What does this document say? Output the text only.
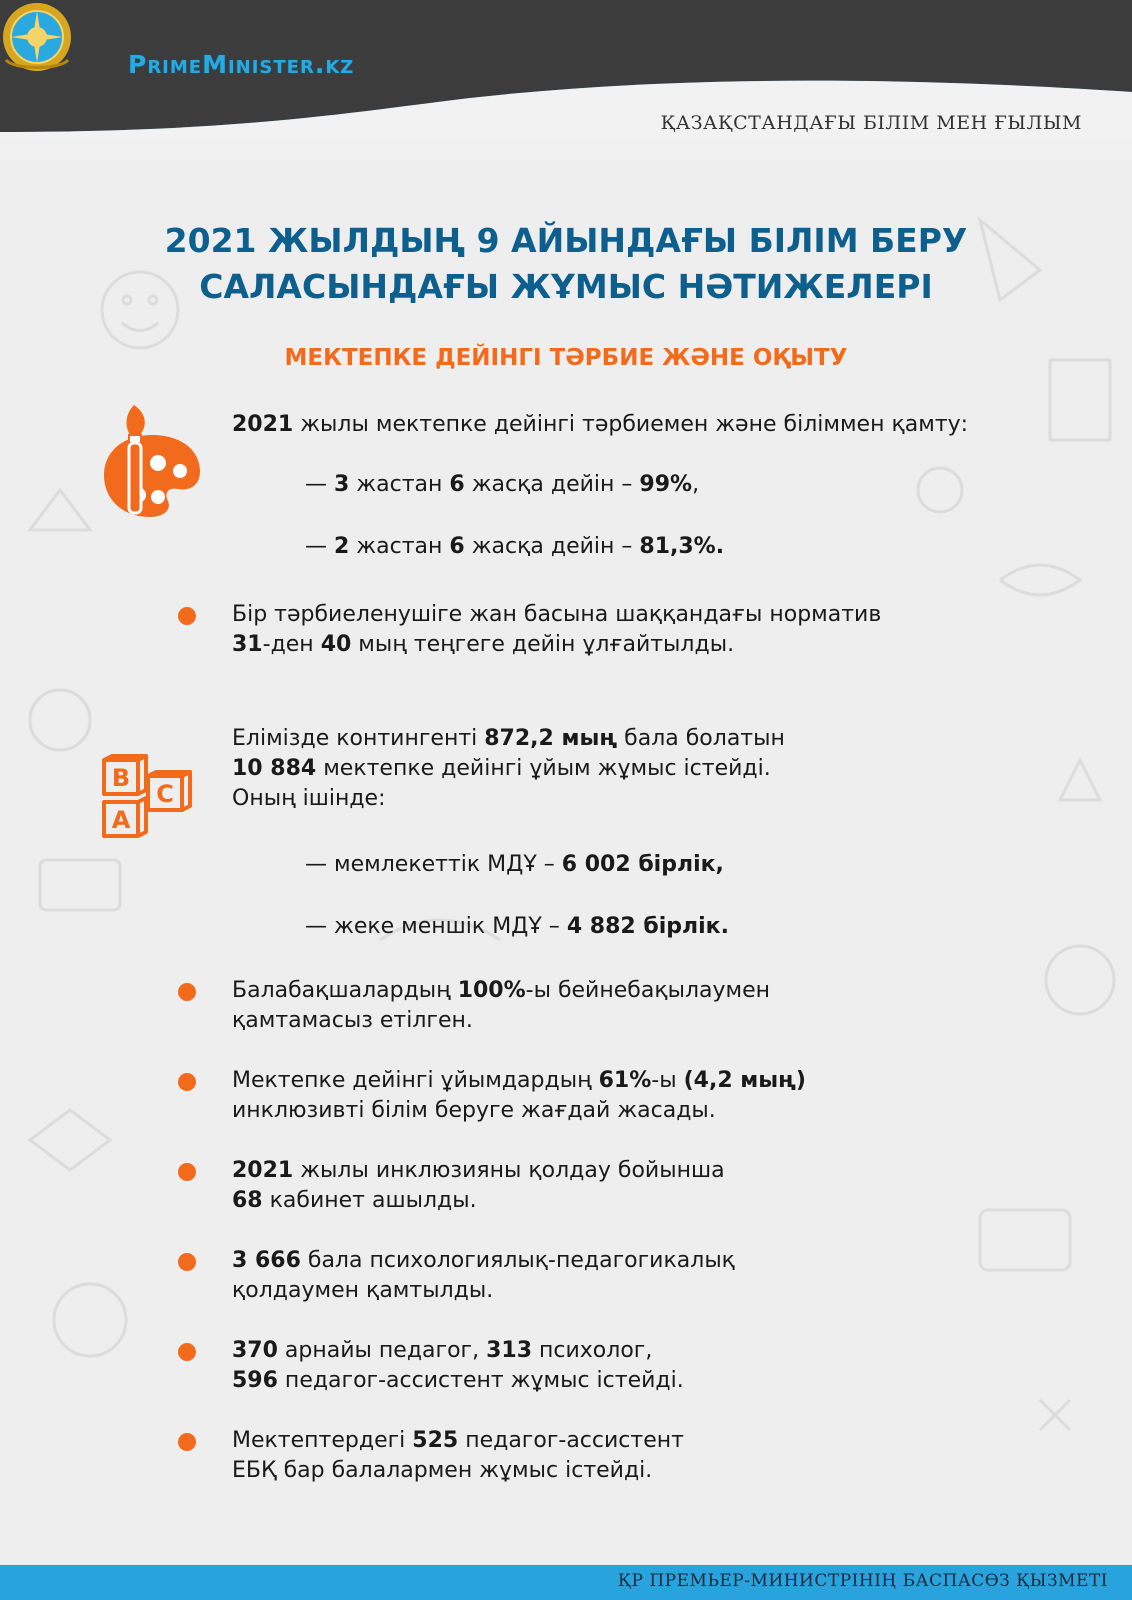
PrimeMinister.kz
ҚАЗАҚСТАНДАҒЫ БІЛІМ МЕН ҒЫЛЫМ
2021 ЖЫЛДЫҢ 9 АЙЫНДАҒЫ БІЛІМ БЕРУ
САЛАСЫНДАҒЫ ЖҰМЫС НӘТИЖЕЛЕРІ
МЕКТЕПКЕ ДЕЙІНГІ ТӘРБИЕ ЖӘНЕ ОҚЫТУ
2021 жылы мектепке дейінгі тәрбиемен және біліммен қамту:
— 3 жастан 6 жасқа дейін – 99%,
— 2 жастан 6 жасқа дейін – 81,3%.
Бір тәрбиеленушіге жан басына шаққандағы норматив
31-ден 40 мың теңгеге дейін ұлғайтылды.
B
C
A
Елімізде контингенті 872,2 мың бала болатын
10 884 мектепке дейінгі ұйым жұмыс істейді.
Оның ішінде:
— мемлекеттік МДҰ – 6 002 бірлік,
— жеке меншік МДҰ – 4 882 бірлік.
Балабақшалардың 100%-ы бейнебақылаумен
қамтамасыз етілген.
Мектепке дейінгі ұйымдардың 61%-ы (4,2 мың)
инклюзивті білім беруге жағдай жасады.
2021 жылы инклюзияны қолдау бойынша
68 кабинет ашылды.
3 666 бала психологиялық-педагогикалық
қолдаумен қамтылды.
370 арнайы педагог, 313 психолог,
596 педагог-ассистент жұмыс істейді.
Мектептердегі 525 педагог-ассистент
ЕБҚ бар балалармен жұмыс істейді.
ҚР ПРЕМЬЕР-МИНИСТРІНІҢ БАСПАСӨЗ ҚЫЗМЕТІ
